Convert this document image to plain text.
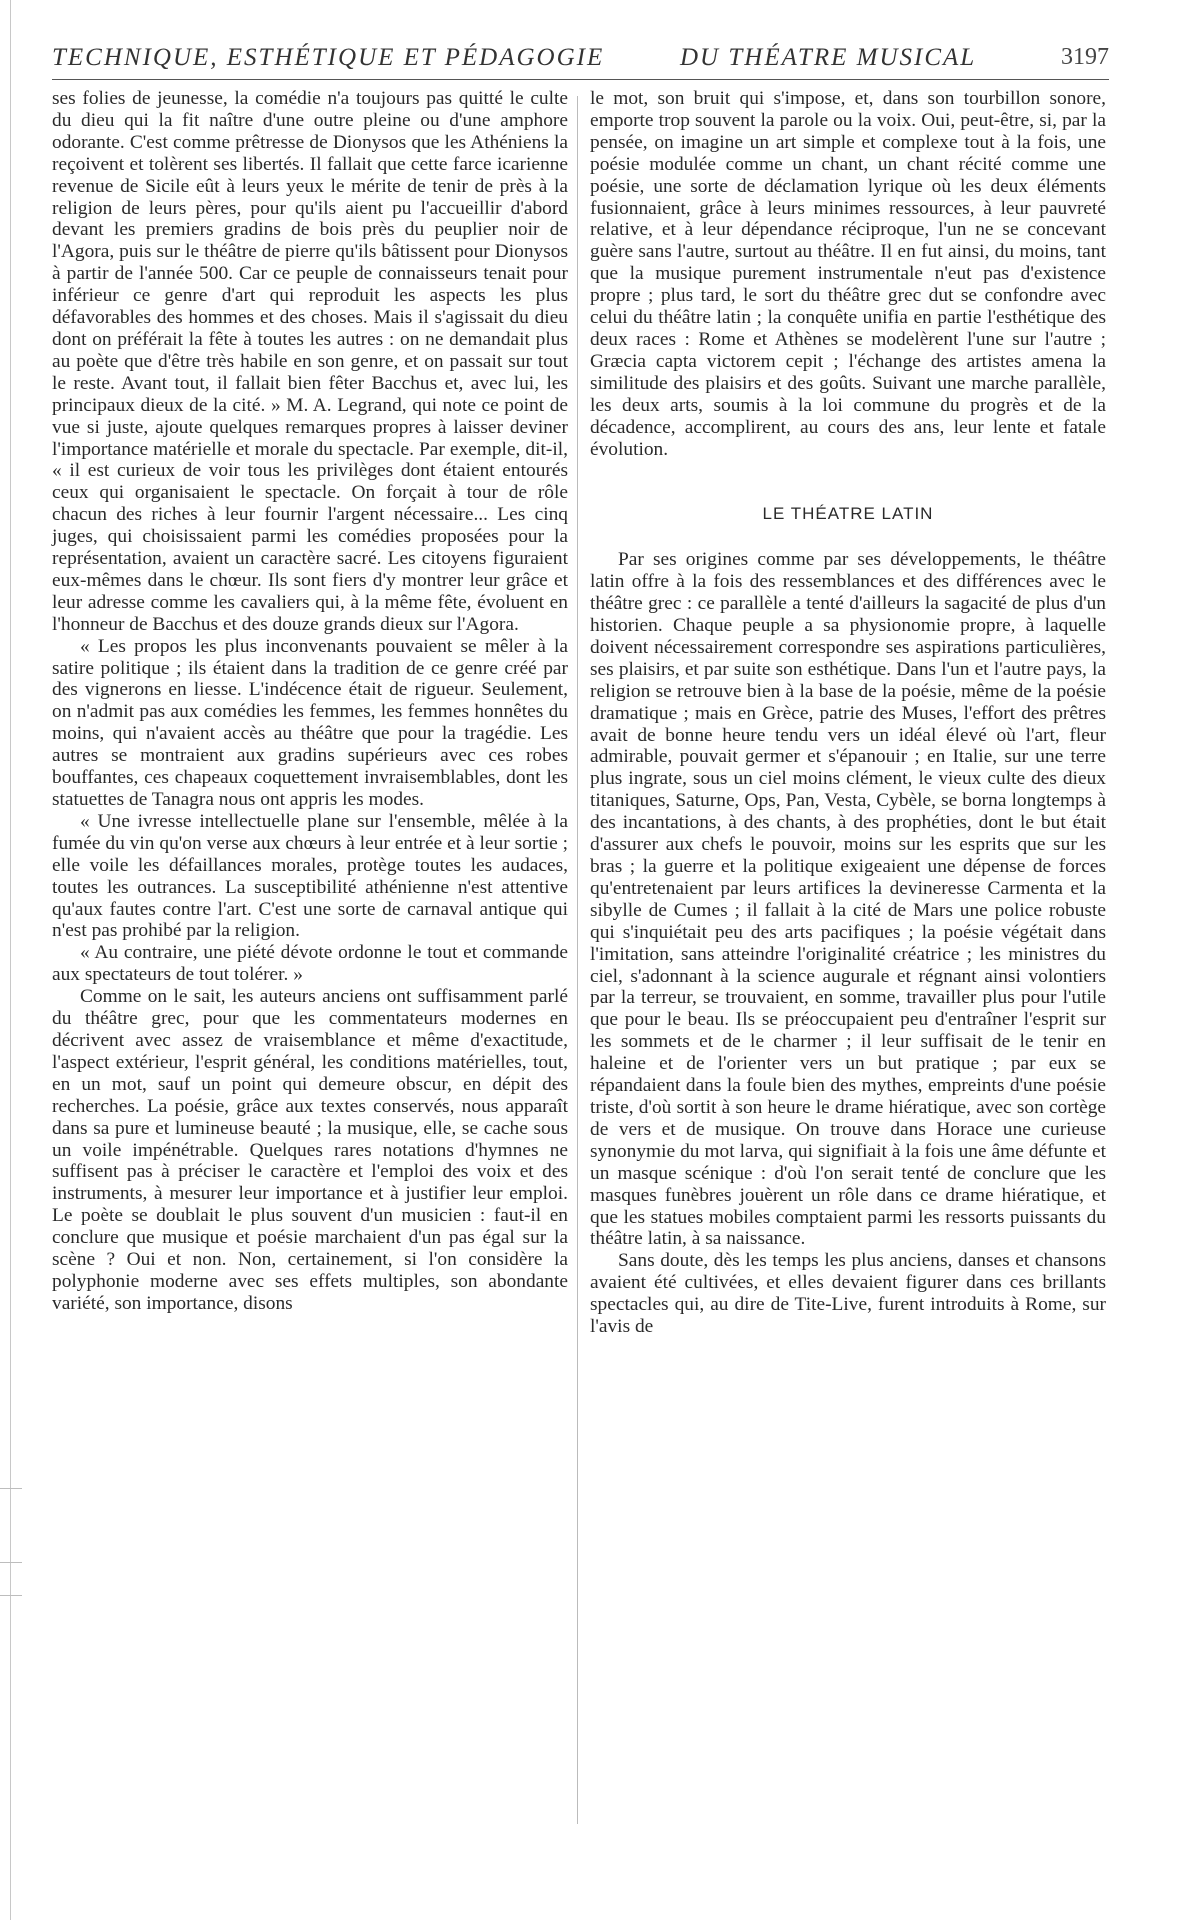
TECHNIQUE, ESTHÉTIQUE ET PÉDAGOGIE	DU THÉATRE MUSICAL	3197

ses folies de jeunesse, la comédie n'a toujours pas quitté le culte du dieu qui la fit naître d'une outre pleine ou d'une amphore odorante. C'est comme prêtresse de Dionysos que les Athéniens la reçoivent et tolèrent ses libertés. Il fallait que cette farce icarienne revenue de Sicile eût à leurs yeux le mérite de tenir de près à la religion de leurs pères, pour qu'ils aient pu l'accueillir d'abord devant les premiers gradins de bois près du peuplier noir de l'Agora, puis sur le théâtre de pierre qu'ils bâtissent pour Dionysos à partir de l'année 500. Car ce peuple de connaisseurs tenait pour inférieur ce genre d'art qui reproduit les aspects les plus défavorables des hommes et des choses. Mais il s'agissait du dieu dont on préférait la fête à toutes les autres : on ne demandait plus au poète que d'être très habile en son genre, et on passait sur tout le reste. Avant tout, il fallait bien fêter Bacchus et, avec lui, les principaux dieux de la cité. » M. A. Legrand, qui note ce point de vue si juste, ajoute quelques remarques propres à laisser deviner l'importance matérielle et morale du spectacle. Par exemple, dit-il, « il est curieux de voir tous les privilèges dont étaient entourés ceux qui organisaient le spectacle. On forçait à tour de rôle chacun des riches à leur fournir l'argent nécessaire... Les cinq juges, qui choisissaient parmi les comédies proposées pour la représentation, avaient un caractère sacré. Les citoyens figuraient eux-mêmes dans le chœur. Ils sont fiers d'y montrer leur grâce et leur adresse comme les cavaliers qui, à la même fête, évoluent en l'honneur de Bacchus et des douze grands dieux sur l'Agora.

« Les propos les plus inconvenants pouvaient se mêler à la satire politique ; ils étaient dans la tradition de ce genre créé par des vignerons en liesse. L'indécence était de rigueur. Seulement, on n'admit pas aux comédies les femmes, les femmes honnêtes du moins, qui n'avaient accès au théâtre que pour la tragédie. Les autres se montraient aux gradins supérieurs avec ces robes bouffantes, ces chapeaux coquettement invraisemblables, dont les statuettes de Tanagra nous ont appris les modes.

« Une ivresse intellectuelle plane sur l'ensemble, mêlée à la fumée du vin qu'on verse aux chœurs à leur entrée et à leur sortie ; elle voile les défaillances morales, protège toutes les audaces, toutes les outrances. La susceptibilité athénienne n'est attentive qu'aux fautes contre l'art. C'est une sorte de carnaval antique qui n'est pas prohibé par la religion.

« Au contraire, une piété dévote ordonne le tout et commande aux spectateurs de tout tolérer. »

Comme on le sait, les auteurs anciens ont suffisamment parlé du théâtre grec, pour que les commentateurs modernes en décrivent avec assez de vraisemblance et même d'exactitude, l'aspect extérieur, l'esprit général, les conditions matérielles, tout, en un mot, sauf un point qui demeure obscur, en dépit des recherches. La poésie, grâce aux textes conservés, nous apparaît dans sa pure et lumineuse beauté ; la musique, elle, se cache sous un voile impénétrable. Quelques rares notations d'hymnes ne suffisent pas à préciser le caractère et l'emploi des voix et des instruments, à mesurer leur importance et à justifier leur emploi. Le poète se doublait le plus souvent d'un musicien : faut-il en conclure que musique et poésie marchaient d'un pas égal sur la scène ? Oui et non. Non, certainement, si l'on considère la polyphonie moderne avec ses effets multiples, son abondante variété, son importance, disons

le mot, son bruit qui s'impose, et, dans son tourbillon sonore, emporte trop souvent la parole ou la voix. Oui, peut-être, si, par la pensée, on imagine un art simple et complexe tout à la fois, une poésie modulée comme un chant, un chant récité comme une poésie, une sorte de déclamation lyrique où les deux éléments fusionnaient, grâce à leurs minimes ressources, à leur pauvreté relative, et à leur dépendance réciproque, l'un ne se concevant guère sans l'autre, surtout au théâtre. Il en fut ainsi, du moins, tant que la musique purement instrumentale n'eut pas d'existence propre ; plus tard, le sort du théâtre grec dut se confondre avec celui du théâtre latin ; la conquête unifia en partie l'esthétique des deux races : Rome et Athènes se modelèrent l'une sur l'autre ; Græcia capta victorem cepit ; l'échange des artistes amena la similitude des plaisirs et des goûts. Suivant une marche parallèle, les deux arts, soumis à la loi commune du progrès et de la décadence, accomplirent, au cours des ans, leur lente et fatale évolution.

LE THÉATRE LATIN

Par ses origines comme par ses développements, le théâtre latin offre à la fois des ressemblances et des différences avec le théâtre grec : ce parallèle a tenté d'ailleurs la sagacité de plus d'un historien. Chaque peuple a sa physionomie propre, à laquelle doivent nécessairement correspondre ses aspirations particulières, ses plaisirs, et par suite son esthétique. Dans l'un et l'autre pays, la religion se retrouve bien à la base de la poésie, même de la poésie dramatique ; mais en Grèce, patrie des Muses, l'effort des prêtres avait de bonne heure tendu vers un idéal élevé où l'art, fleur admirable, pouvait germer et s'épanouir ; en Italie, sur une terre plus ingrate, sous un ciel moins clément, le vieux culte des dieux titaniques, Saturne, Ops, Pan, Vesta, Cybèle, se borna longtemps à des incantations, à des chants, à des prophéties, dont le but était d'assurer aux chefs le pouvoir, moins sur les esprits que sur les bras ; la guerre et la politique exigeaient une dépense de forces qu'entretenaient par leurs artifices la devineresse Carmenta et la sibylle de Cumes ; il fallait à la cité de Mars une police robuste qui s'inquiétait peu des arts pacifiques ; la poésie végétait dans l'imitation, sans atteindre l'originalité créatrice ; les ministres du ciel, s'adonnant à la science augurale et régnant ainsi volontiers par la terreur, se trouvaient, en somme, travailler plus pour l'utile que pour le beau. Ils se préoccupaient peu d'entraîner l'esprit sur les sommets et de le charmer ; il leur suffisait de le tenir en haleine et de l'orienter vers un but pratique ; par eux se répandaient dans la foule bien des mythes, empreints d'une poésie triste, d'où sortit à son heure le drame hiératique, avec son cortège de vers et de musique. On trouve dans Horace une curieuse synonymie du mot larva, qui signifiait à la fois une âme défunte et un masque scénique : d'où l'on serait tenté de conclure que les masques funèbres jouèrent un rôle dans ce drame hiératique, et que les statues mobiles comptaient parmi les ressorts puissants du théâtre latin, à sa naissance.

Sans doute, dès les temps les plus anciens, danses et chansons avaient été cultivées, et elles devaient figurer dans ces brillants spectacles qui, au dire de Tite-Live, furent introduits à Rome, sur l'avis de
